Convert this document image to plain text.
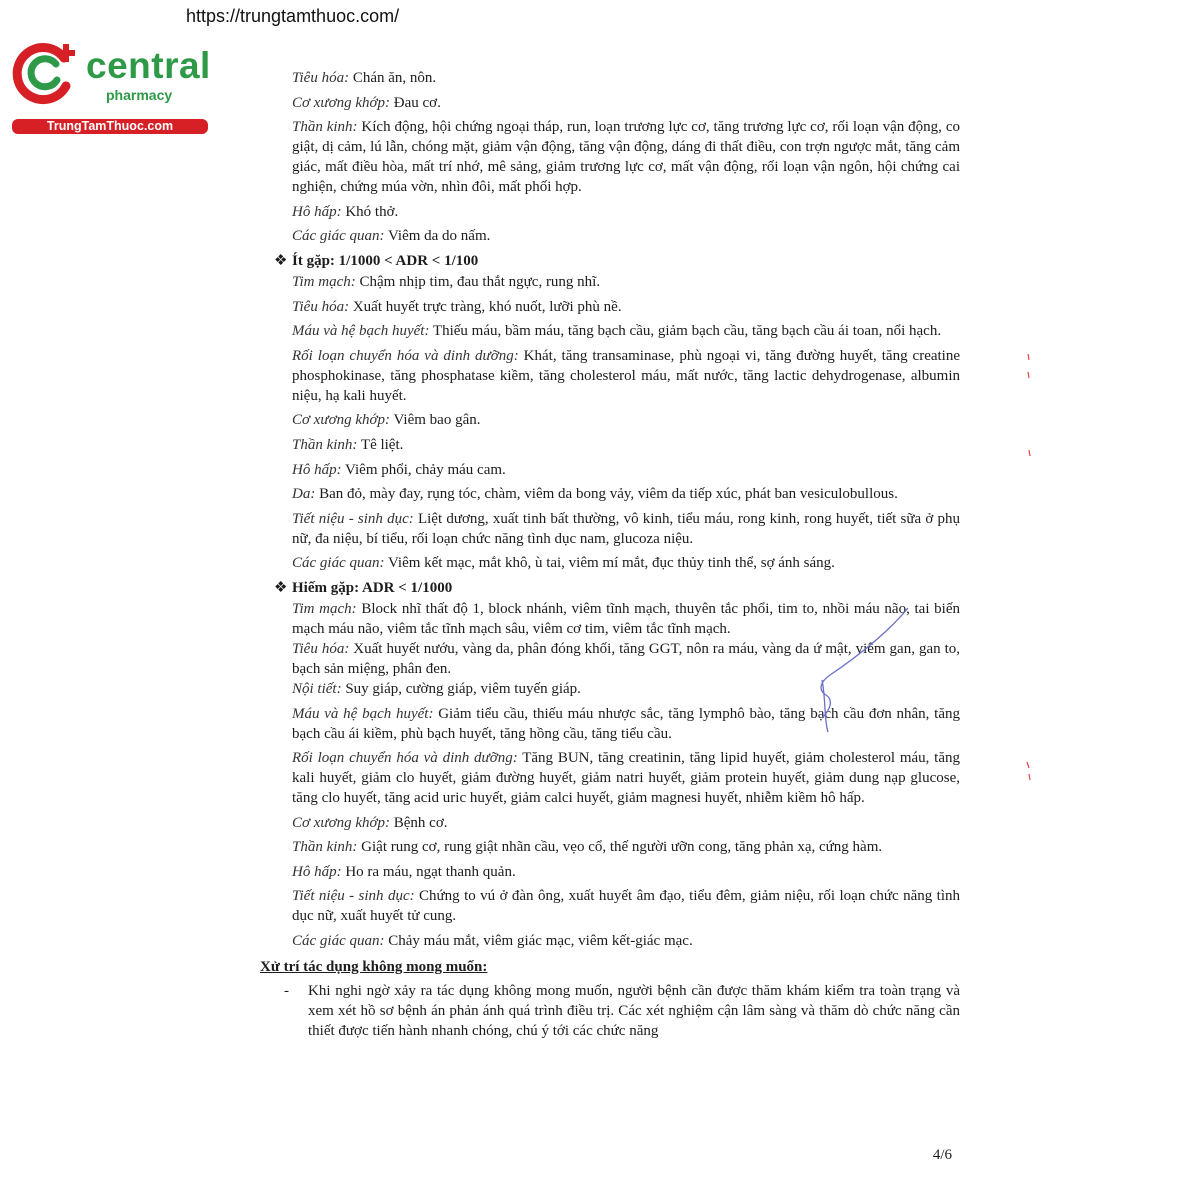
https://trungtamthuoc.com/
central
pharmacy
TrungTamThuoc.com

Tiêu hóa: Chán ăn, nôn.

Cơ xương khớp: Đau cơ.

Thần kinh: Kích động, hội chứng ngoại tháp, run, loạn trương lực cơ, tăng trương lực cơ, rối loạn vận động, co giật, dị cảm, lú lẫn, chóng mặt, giảm vận động, tăng vận động, dáng đi thất điều, con trợn ngược mắt, tăng cảm giác, mất điều hòa, mất trí nhớ, mê sảng, giảm trương lực cơ, mất vận động, rối loạn vận ngôn, hội chứng cai nghiện, chứng múa vờn, nhìn đôi, mất phối hợp.

Hô hấp: Khó thở.

Các giác quan: Viêm da do nấm.

❖ Ít gặp: 1/1000 < ADR < 1/100

Tim mạch: Chậm nhịp tim, đau thắt ngực, rung nhĩ.

Tiêu hóa: Xuất huyết trực tràng, khó nuốt, lưỡi phù nề.

Máu và hệ bạch huyết: Thiếu máu, bầm máu, tăng bạch cầu, giảm bạch cầu, tăng bạch cầu ái toan, nổi hạch.

Rối loạn chuyển hóa và dinh dưỡng: Khát, tăng transaminase, phù ngoại vi, tăng đường huyết, tăng creatine phosphokinase, tăng phosphatase kiềm, tăng cholesterol máu, mất nước, tăng lactic dehydrogenase, albumin niệu, hạ kali huyết.

Cơ xương khớp: Viêm bao gân.

Thần kinh: Tê liệt.

Hô hấp: Viêm phổi, chảy máu cam.

Da: Ban đỏ, mày đay, rụng tóc, chàm, viêm da bong vảy, viêm da tiếp xúc, phát ban vesiculobullous.

Tiết niệu - sinh dục: Liệt dương, xuất tinh bất thường, vô kinh, tiểu máu, rong kinh, rong huyết, tiết sữa ở phụ nữ, đa niệu, bí tiểu, rối loạn chức năng tình dục nam, glucoza niệu.

Các giác quan: Viêm kết mạc, mắt khô, ù tai, viêm mí mắt, đục thủy tinh thể, sợ ánh sáng.

❖ Hiếm gặp: ADR < 1/1000

Tim mạch: Block nhĩ thất độ 1, block nhánh, viêm tĩnh mạch, thuyên tắc phổi, tim to, nhồi máu não, tai biến mạch máu não, viêm tắc tĩnh mạch sâu, viêm cơ tim, viêm tắc tĩnh mạch.

Tiêu hóa: Xuất huyết nướu, vàng da, phân đóng khối, tăng GGT, nôn ra máu, vàng da ứ mật, viêm gan, gan to, bạch sản miệng, phân đen.

Nội tiết: Suy giáp, cường giáp, viêm tuyến giáp.

Máu và hệ bạch huyết: Giảm tiểu cầu, thiếu máu nhược sắc, tăng lymphô bào, tăng bạch cầu đơn nhân, tăng bạch cầu ái kiềm, phù bạch huyết, tăng hồng cầu, tăng tiểu cầu.

Rối loạn chuyển hóa và dinh dưỡng: Tăng BUN, tăng creatinin, tăng lipid huyết, giảm cholesterol máu, tăng kali huyết, giảm clo huyết, giảm đường huyết, giảm natri huyết, giảm protein huyết, giảm dung nạp glucose, tăng clo huyết, tăng acid uric huyết, giảm calci huyết, giảm magnesi huyết, nhiễm kiềm hô hấp.

Cơ xương khớp: Bệnh cơ.

Thần kinh: Giật rung cơ, rung giật nhãn cầu, vẹo cổ, thế người ưỡn cong, tăng phản xạ, cứng hàm.

Hô hấp: Ho ra máu, ngạt thanh quản.

Tiết niệu - sinh dục: Chứng to vú ở đàn ông, xuất huyết âm đạo, tiểu đêm, giảm niệu, rối loạn chức năng tình dục nữ, xuất huyết tử cung.

Các giác quan: Chảy máu mắt, viêm giác mạc, viêm kết-giác mạc.

Xử trí tác dụng không mong muốn:
- Khi nghi ngờ xảy ra tác dụng không mong muốn, người bệnh cần được thăm khám kiểm tra toàn trạng và xem xét hồ sơ bệnh án phản ánh quá trình điều trị. Các xét nghiệm cận lâm sàng và thăm dò chức năng cần thiết được tiến hành nhanh chóng, chú ý tới các chức năng
4/6
